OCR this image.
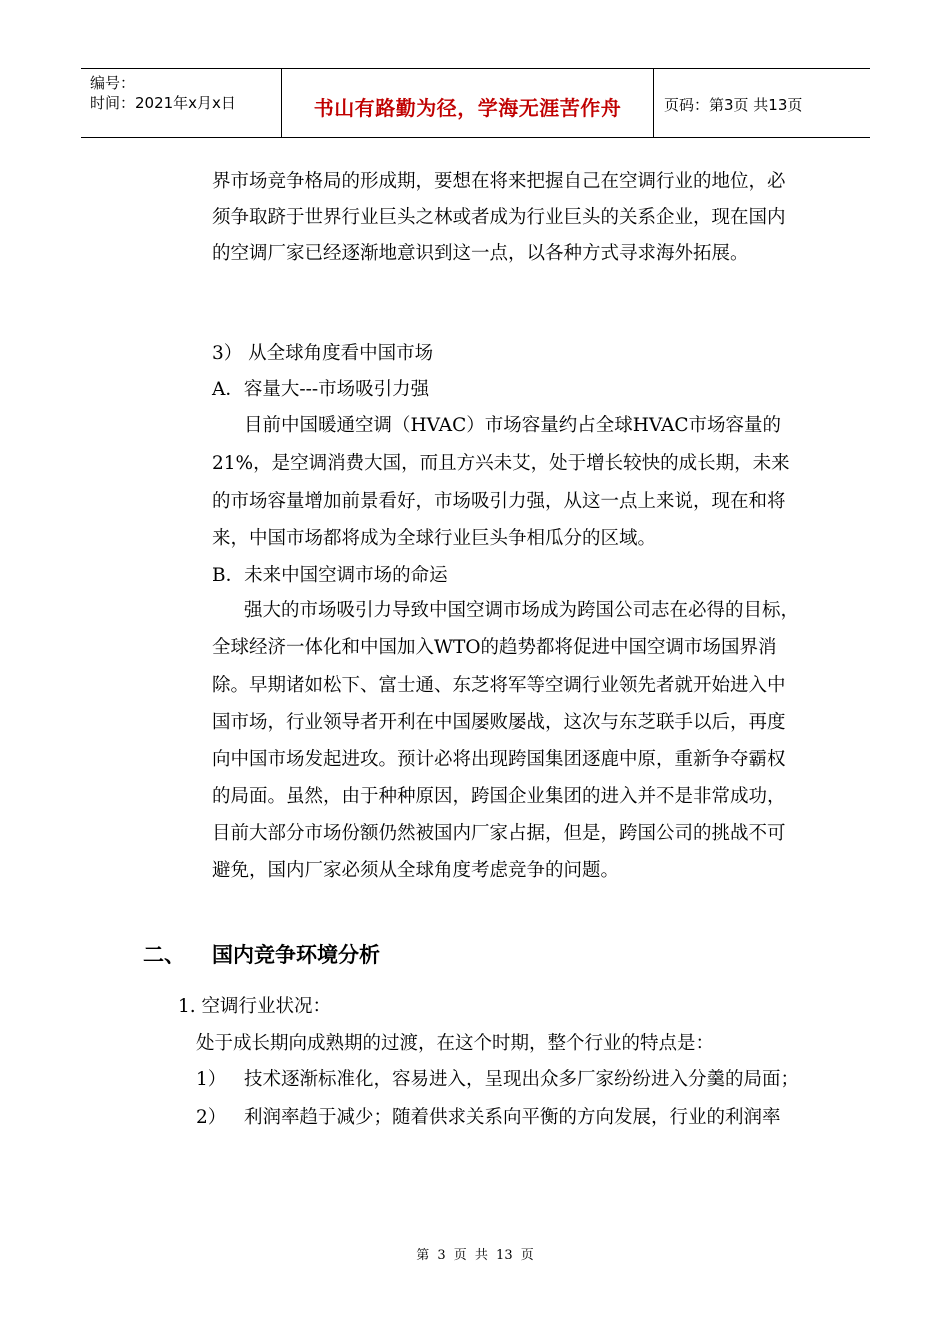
编号：
时间：2021年x月x日	书山有路勤为径，学海无涯苦作舟	页码：第3页 共13页
界市场竞争格局的形成期，要想在将来把握自己在空调行业的地位，必
须争取跻于世界行业巨头之林或者成为行业巨头的关系企业，现在国内
的空调厂家已经逐渐地意识到这一点，以各种方式寻求海外拓展。
3） 从全球角度看中国市场
A．容量大---市场吸引力强
目前中国暖通空调（HVAC）市场容量约占全球HVAC市场容量的
21%，是空调消费大国，而且方兴未艾，处于增长较快的成长期，未来
的市场容量增加前景看好，市场吸引力强，从这一点上来说，现在和将
来，中国市场都将成为全球行业巨头争相瓜分的区域。
B．未来中国空调市场的命运
强大的市场吸引力导致中国空调市场成为跨国公司志在必得的目标，
全球经济一体化和中国加入WTO的趋势都将促进中国空调市场国界消
除。早期诸如松下、富士通、东芝将军等空调行业领先者就开始进入中
国市场，行业领导者开利在中国屡败屡战，这次与东芝联手以后，再度
向中国市场发起进攻。预计必将出现跨国集团逐鹿中原，重新争夺霸权
的局面。虽然，由于种种原因，跨国企业集团的进入并不是非常成功，
目前大部分市场份额仍然被国内厂家占据，但是，跨国公司的挑战不可
避免，国内厂家必须从全球角度考虑竞争的问题。
二、 国内竞争环境分析
1. 空调行业状况：
处于成长期向成熟期的过渡，在这个时期，整个行业的特点是：
1） 技术逐渐标准化，容易进入，呈现出众多厂家纷纷进入分羹的局面；
2） 利润率趋于减少；随着供求关系向平衡的方向发展，行业的利润率
第 3 页 共 13 页
